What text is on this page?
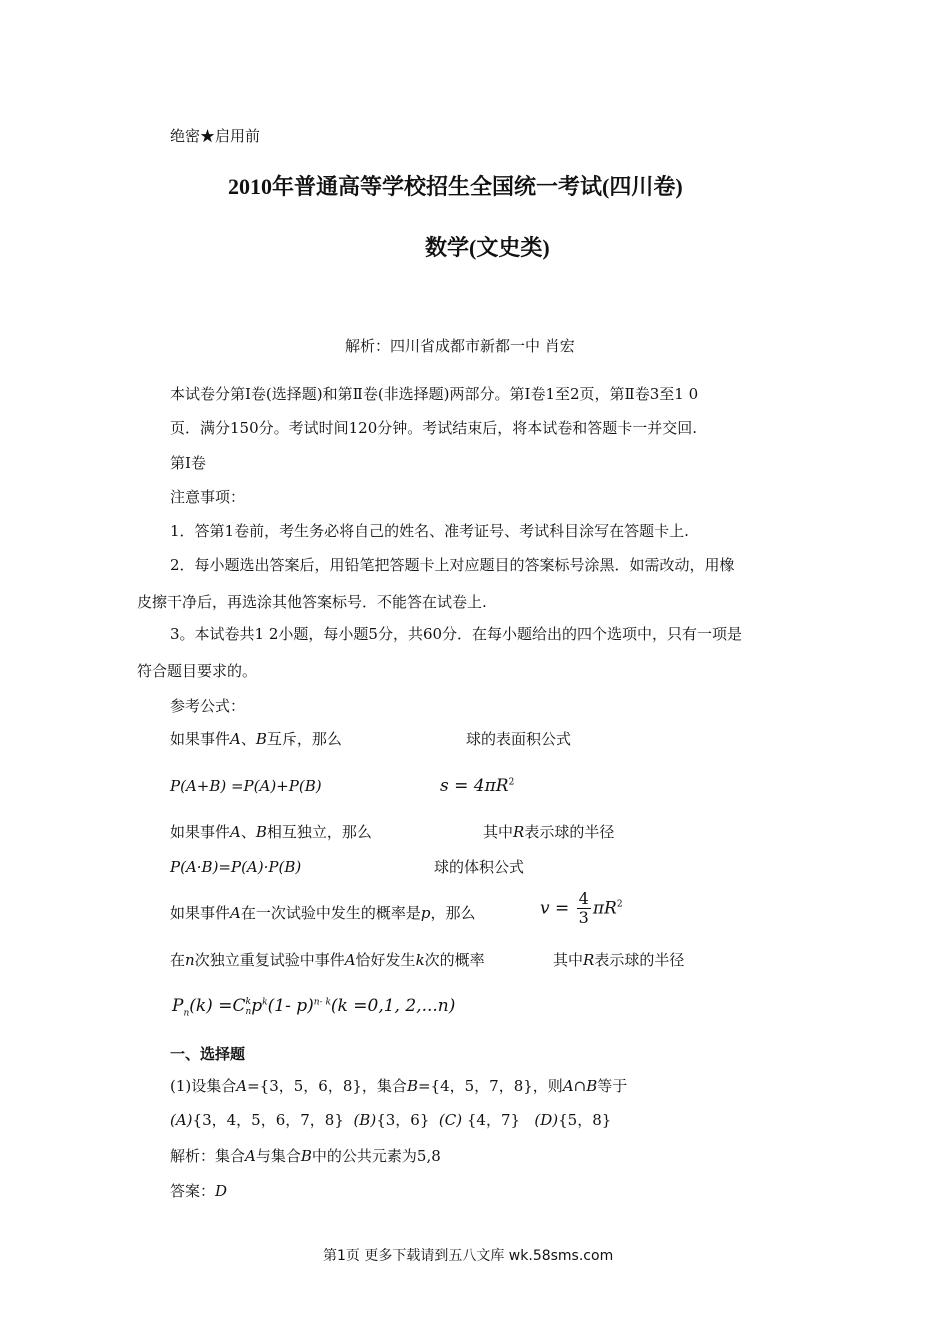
绝密★启用前
2010年普通高等学校招生全国统一考试(四川卷)
数学(文史类)
解析：四川省成都市新都一中 肖宏
本试卷分第Ⅰ卷(选择题)和第Ⅱ卷(非选择题)两部分。第Ⅰ卷1至2页，第Ⅱ卷3至1 0
页．满分150分。考试时间120分钟。考试结束后，将本试卷和答题卡一并交回.
第Ⅰ卷
注意事项：
1．答第1卷前，考生务必将自己的姓名、准考证号、考试科目涂写在答题卡上.
2．每小题选出答案后，用铅笔把答题卡上对应题目的答案标号涂黑．如需改动，用橡
皮擦干净后，再选涂其他答案标号．不能答在试卷上.
3。本试卷共1 2小题，每小题5分，共60分．在每小题给出的四个选项中，只有一项是
符合题目要求的。
参考公式：
如果事件A、B互斥，那么	球的表面积公式
P(A+B) =P(A)+P(B)	$s = 4\pi R^2$
如果事件A、B相互独立，那么	其中R表示球的半径
P(A·B)=P(A)·P(B)	球的体积公式
如果事件A在一次试验中发生的概率是p，那么	$v = \frac{4}{3} \pi R^2$
在n次独立重复试验中事件A恰好发生k次的概率	其中R表示球的半径
$P_n(k) =C$ k
n $p^k(1-$ p)$^{n- k}$(k =0,1, 2,...n)
一、选择题
(1)设集合A={3，5，6，8}，集合B={4，5，7，8}，则A∩B等于
(A){3，4，5，6，7，8} (B){3，6} (C) {4，7} (D){5，8}
解析：集合A与集合B中的公共元素为5,8
答案：D
第1页 更多下载请到五八文库 wk.58sms.com
